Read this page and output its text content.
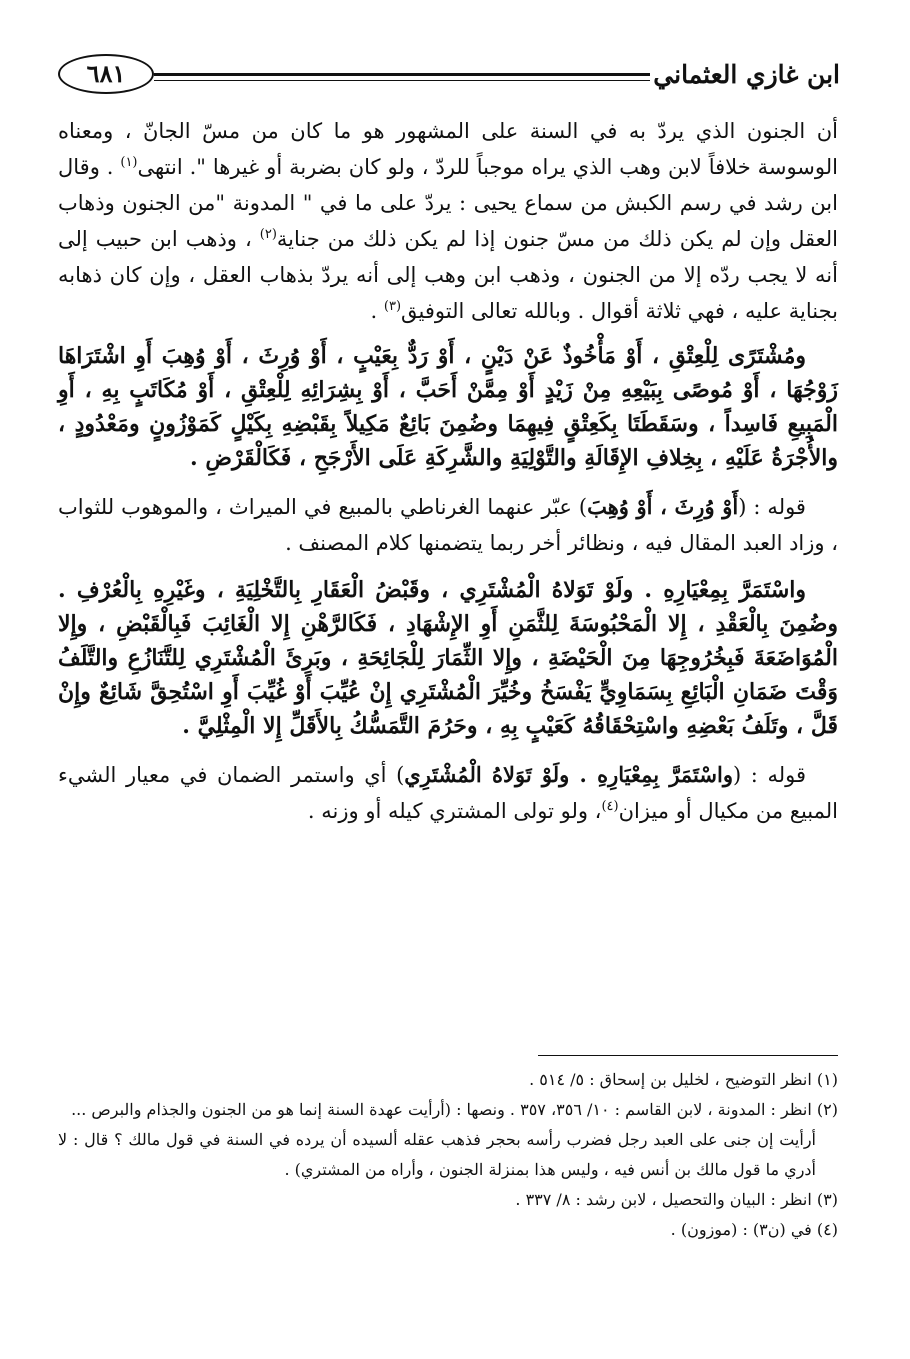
٦٨١	ابن غازي العثماني

أن الجنون الذي يردّ به في السنة على المشهور هو ما كان من مسّ الجانّ ، ومعناه الوسوسة خلافاً لابن وهب الذي يراه موجباً للردّ ، ولو كان بضربة أو غيرها ". انتهى$^{(١)}$ . وقال ابن رشد في رسم الكبش من سماع يحيى : يردّ على ما في " المدونة "من الجنون وذهاب العقل وإن لم يكن ذلك من مسّ جنون إذا لم يكن ذلك من جناية$^{(٢)}$ ، وذهب ابن حبيب إلى أنه لا يجب ردّه إلا من الجنون ، وذهب ابن وهب إلى أنه يردّ بذهاب العقل ، وإن كان ذهابه بجناية عليه ، فهي ثلاثة أقوال . وبالله تعالى التوفيق$^{(٣)}$ .

ومُشْتَرًى لِلْعِتْقِ ، أَوْ مَأْخُوذٌ عَنْ دَيْنٍ ، أَوْ رَدٌّ بِعَيْبٍ ، أَوْ وُرِثَ ، أَوْ وُهِبَ أَوِ اشْتَرَاهَا زَوْجُهَا ، أَوْ مُوصًى بِبَيْعِهِ مِنْ زَيْدٍ أَوْ مِمَّنْ أَحَبَّ ، أَوْ بِشِرَائِهِ لِلْعِتْقِ ، أَوْ مُكَاتَبٍ بِهِ ، أَوِ الْمَبِيعِ فَاسِداً ، وسَقَطَتَا بِكَعِتْقٍ فِيهِمَا وضُمِنَ بَائِعٌ مَكِيلاً بِقَبْضِهِ بِكَيْلٍ كَمَوْزُونٍ ومَعْدُودٍ ، والأُجْرَةُ عَلَيْهِ ، بِخِلافِ الإِقَالَةِ والتَّوْلِيَةِ والشَّرِكَةِ عَلَى الأَرْجَحِ ، فَكَالْقَرْضِ .

قوله : (أَوْ وُرِثَ ، أَوْ وُهِبَ) عبّر عنهما الغرناطي بالمبيع في الميراث ، والموهوب للثواب ، وزاد العبد المقال فيه ، ونظائر أخر ربما يتضمنها كلام المصنف .

واسْتَمَرَّ بِمِعْيَارِهِ . ولَوْ تَوَلاهُ الْمُشْتَرِي ، وقَبْضُ الْعَقَارِ بِالتَّخْلِيَةِ ، وغَيْرِهِ بِالْعُرْفِ . وضُمِنَ بِالْعَقْدِ ، إِلا الْمَحْبُوسَةَ لِلثَّمَنِ أَوِ الإِشْهَادِ ، فَكَالرَّهْنِ إِلا الْغَائِبَ فَبِالْقَبْضِ ، وإِلا الْمُوَاضَعَةَ فَبِخُرُوجِهَا مِنَ الْحَيْضَةِ ، وإِلا الثِّمَارَ لِلْجَائِحَةِ ، وبَرِئَ الْمُشْتَرِي لِلتَّنَازُعِ والتَّلَفُ وَقْتَ ضَمَانِ الْبَائِعِ بِسَمَاوِيٍّ يَفْسَخُ وخُيِّرَ الْمُشْتَرِي إِنْ عُيِّبَ أَوْ غُيِّبَ أَوِ اسْتُحِقَّ شَائِعٌ وإِنْ قَلَّ ، وتَلَفُ بَعْضِهِ واسْتِحْقَاقُهُ كَعَيْبٍ بِهِ ، وحَرُمَ التَّمَسُّكُ بِالأَقَلِّ إِلا الْمِثْلِيَّ .

قوله : (واسْتَمَرَّ بِمِعْيَارِهِ . ولَوْ تَوَلاهُ الْمُشْتَرِي) أي واستمر الضمان في معيار الشيء المبيع من مكيال أو ميزان$^{(٤)}$، ولو تولى المشتري كيله أو وزنه .

(١) انظر التوضيح ، لخليل بن إسحاق : ٥/ ٥١٤ .

(٢) انظر : المدونة ، لابن القاسم : ١٠/ ٣٥٦، ٣٥٧ . ونصها : (أرأيت عهدة السنة إنما هو من الجنون والجذام والبرص ...

أرأيت إن جنى على العبد رجل فضرب رأسه بحجر فذهب عقله ألسيده أن يرده في السنة في قول مالك ؟ قال : لا أدري ما قول مالك بن أنس فيه ، وليس هذا بمنزلة الجنون ، وأراه من المشتري) .

(٣) انظر : البيان والتحصيل ، لابن رشد : ٨/ ٣٣٧ .

(٤) في (ن٣) : (موزون) .
